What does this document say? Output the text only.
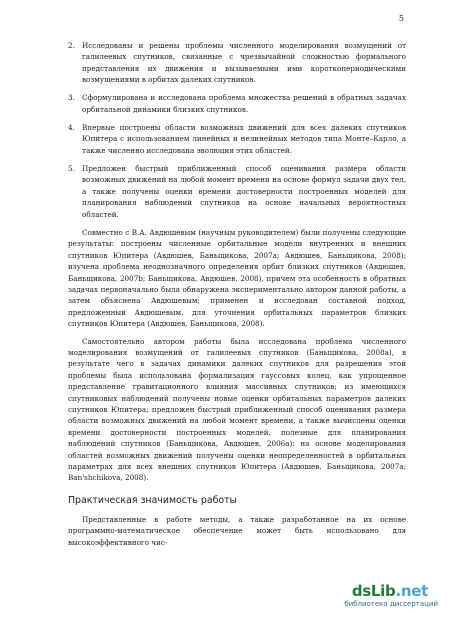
5
2. Исследованы и решены проблемы численного моделирования возмущений от галилеевых спутников, связанные с чрезвычайной сложностью формального представления их движения и вызываемыми ими короткопериодическими возмущениями в орбитах далеких спутников.
3. Сформулирована и исследована проблема множества решений в обратных задачах орбитальной динамики близких спутников.
4. Впервые построены области возможных движений для всех далеких спутников Юпитера с использованием линейных и нелинейных методов типа Монте–Карло, а также численно исследована эволюция этих областей.
5. Предложен быстрый приближенный способ оценивания размера области возможных движений на любой момент времени на основе формул задачи двух тел, а также получены оценки времени достоверности построенных моделей для планирования наблюдений спутников на основе начальных вероятностных областей.

Совместно с В.А. Авдюшевым (научным руководителем) были получены следующие результаты: построены численные орбитальные модели внутренних и внешних спутников Юпитера (Авдюшев, Баньщикова, 2007a; Авдюшев, Баньщикова, 2008); изучена проблема неоднозначного определения орбит близких спутников (Авдюшев, Баньщикова, 2007b; Баньщикова, Авдюшев, 2008), причем эта особенность в обратных задачах первоначально была обнаружена экспериментально автором данной работы, а затем объяснена Авдюшевым; применен и исследован составной подход, предложенный Авдюшевым, для уточнения орбитальных параметров близких спутников Юпитера (Авдюшев, Баньщикова, 2008).

Самостоятельно автором работы была исследована проблема численного моделирования возмущений от галилеевых спутников (Баньщикова, 2008a), в результате чего в задачах динамики далеких спутников для разрешения этой проблемы была использована формализация гауссовых колец, как упрощенное представление гравитационного влияния массивных спутников; из имеющихся спутниковых наблюдений получены новые оценки орбитальных параметров далеких спутников Юпитера; предложен быстрый приближенный способ оценивания размера области возможных движений на любой момент времени, а также вычислены оценки времени достоверности построенных моделей, полезные для планирования наблюдений спутников (Баньщикова, Авдюшев, 2006a); на основе моделирования областей возможных движений получены оценки неопределенностей в орбитальных параметрах для всех внешних спутников Юпитера (Авдюшев, Баньщикова, 2007a; Ban'shchikova, 2008).

Практическая значимость работы

Представленные в работе методы, а также разработанное на их основе программно-математическое обеспечение может быть использовано для высокоэффективного чис-

dsLib.net
библиотека диссертаций
